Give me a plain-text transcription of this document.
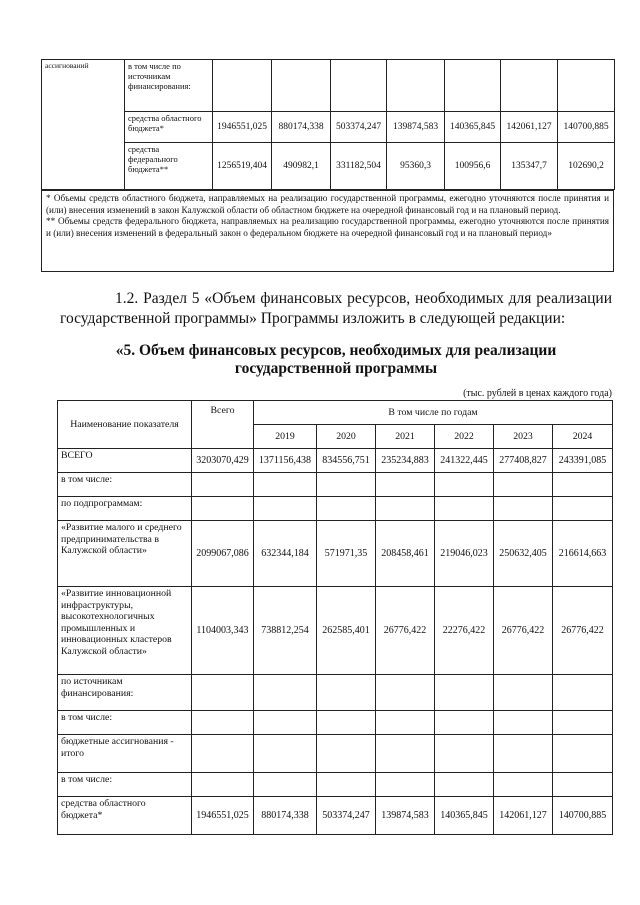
ассигнований	в том числе по источникам финансирования:							
	средства областного бюджета*	1946551,025	880174,338	503374,247	139874,583	140365,845	142061,127	140700,885
	средства федерального бюджета**	1256519,404	490982,1	331182,504	95360,3	100956,6	135347,7	102690,2
* Объемы средств областного бюджета, направляемых на реализацию государственной программы, ежегодно уточняются после принятия и (или) внесения изменений в закон Калужской области об областном бюджете на очередной финансовый год и на плановый период.
** Объемы средств федерального бюджета, направляемых на реализацию государственной программы, ежегодно уточняются после принятия и (или) внесения изменений в федеральный закон о федеральном бюджете на очередной финансовый год и на плановый период»
1.2. Раздел 5 «Объем финансовых ресурсов, необходимых для реализации государственной программы» Программы изложить в следующей редакции:
«5. Объем финансовых ресурсов, необходимых для реализации
государственной программы
(тыс. рублей в ценах каждого года)
Наименование показателя	Всего	В том числе по годам					
		2019	2020	2021	2022	2023	2024
ВСЕГО	3203070,429	1371156,438	834556,751	235234,883	241322,445	277408,827	243391,085
в том числе:							
по подпрограммам:							
«Развитие малого и среднего предпринимательства в Калужской области»	2099067,086	632344,184	571971,35	208458,461	219046,023	250632,405	216614,663
«Развитие инновационной инфраструктуры, высокотехнологичных промышленных и инновационных кластеров Калужской области»	1104003,343	738812,254	262585,401	26776,422	22276,422	26776,422	26776,422
по источникам финансирования:							
в том числе:							
бюджетные ассигнования - итого							
в том числе:							
средства областного бюджета*	1946551,025	880174,338	503374,247	139874,583	140365,845	142061,127	140700,885
